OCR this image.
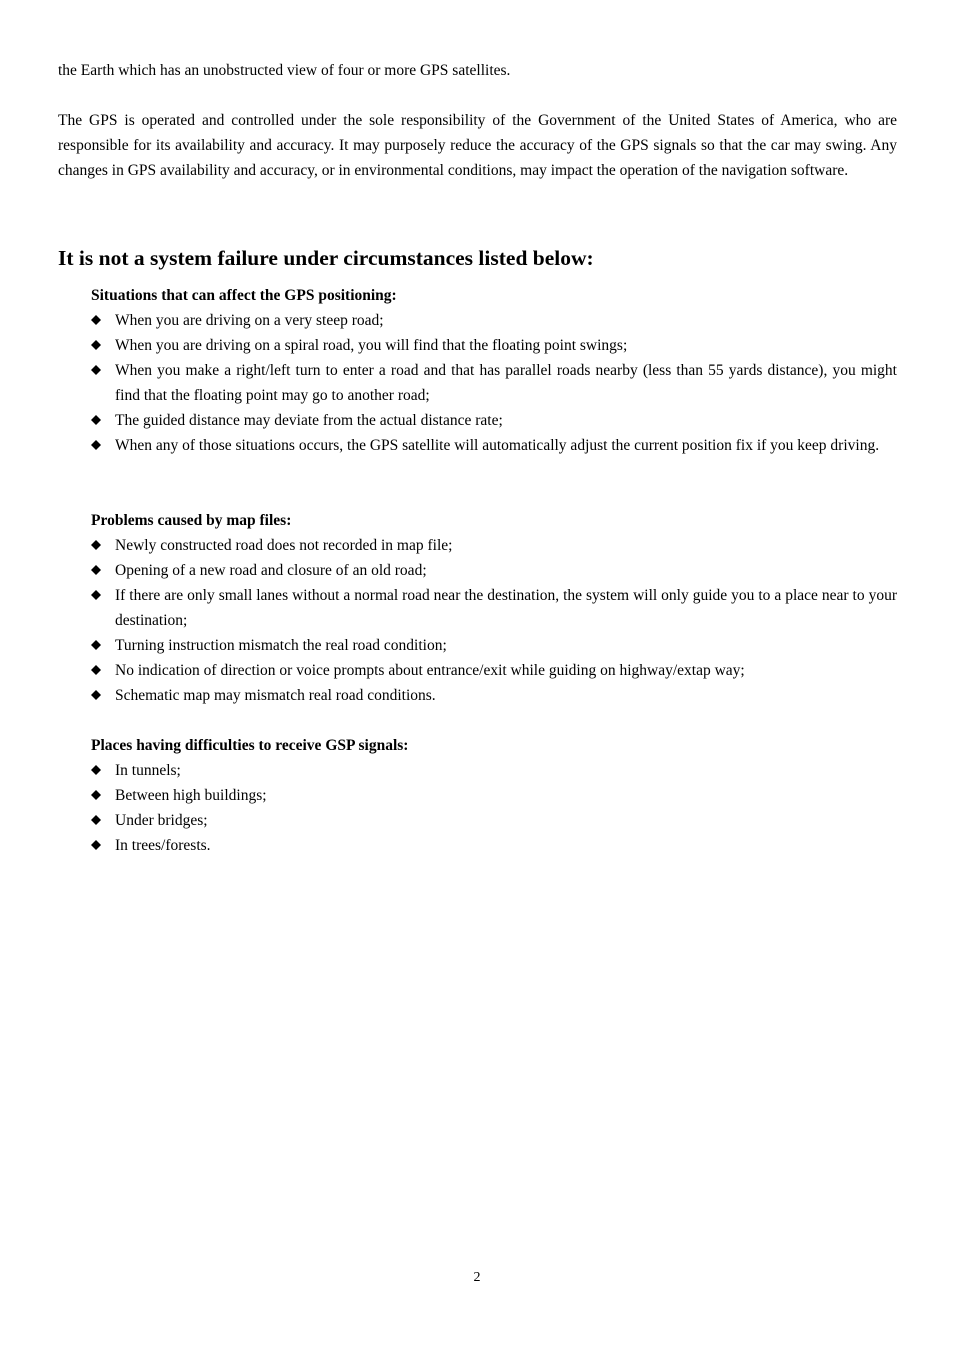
the Earth which has an unobstructed view of four or more GPS satellites.

The GPS is operated and controlled under the sole responsibility of the Government of the United States of America, who are responsible for its availability and accuracy. It may purposely reduce the accuracy of the GPS signals so that the car may swing. Any changes in GPS availability and accuracy, or in environmental conditions, may impact the operation of the navigation software.

It is not a system failure under circumstances listed below:

Situations that can affect the GPS positioning:

When you are driving on a very steep road;
When you are driving on a spiral road, you will find that the floating point swings;
When you make a right/left turn to enter a road and that has parallel roads nearby (less than 55 yards distance), you might find that the floating point may go to another road;
The guided distance may deviate from the actual distance rate;
When any of those situations occurs, the GPS satellite will automatically adjust the current position fix if you keep driving.

Problems caused by map files:

Newly constructed road does not recorded in map file;
Opening of a new road and closure of an old road;
If there are only small lanes without a normal road near the destination, the system will only guide you to a place near to your destination;
Turning instruction mismatch the real road condition;
No indication of direction or voice prompts about entrance/exit while guiding on highway/extap way;
Schematic map may mismatch real road conditions.

Places having difficulties to receive GSP signals:

In tunnels;
Between high buildings;
Under bridges;
In trees/forests.
2
